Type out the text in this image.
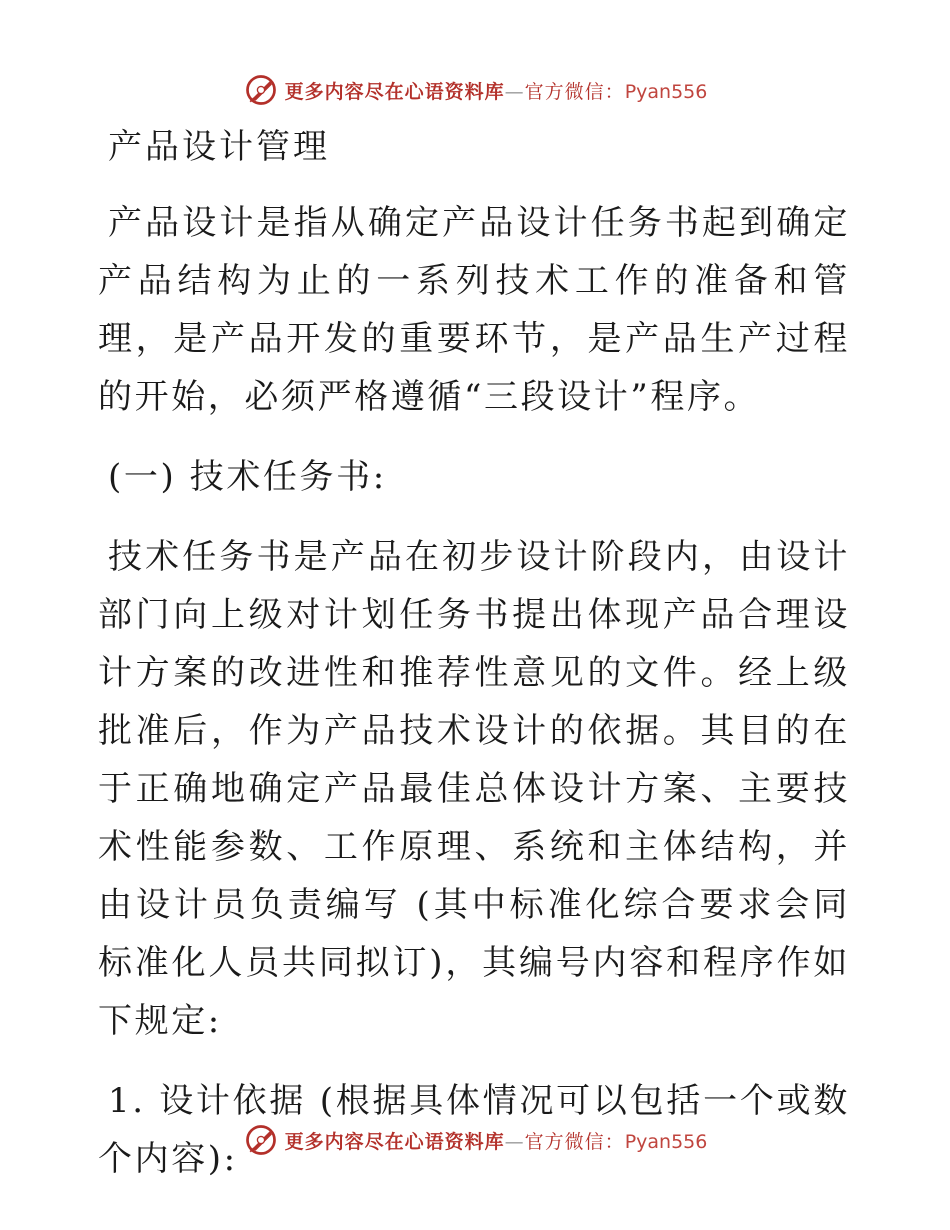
更多内容尽在心语资料库—官方微信：Pyan556
产品设计管理

产品设计是指从确定产品设计任务书起到确定产品结构为止的一系列技术工作的准备和管理，是产品开发的重要环节，是产品生产过程的开始，必须严格遵循“三段设计”程序。

(一) 技术任务书:

技术任务书是产品在初步设计阶段内，由设计部门向上级对计划任务书提出体现产品合理设计方案的改进性和推荐性意见的文件。经上级批准后，作为产品技术设计的依据。其目的在于正确地确定产品最佳总体设计方案、主要技术性能参数、工作原理、系统和主体结构，并由设计员负责编写 (其中标准化综合要求会同标准化人员共同拟订)，其编号内容和程序作如下规定:

1. 设计依据 (根据具体情况可以包括一个或数个内容):	更多内容尽在心语资料库—官方微信：Pyan556
